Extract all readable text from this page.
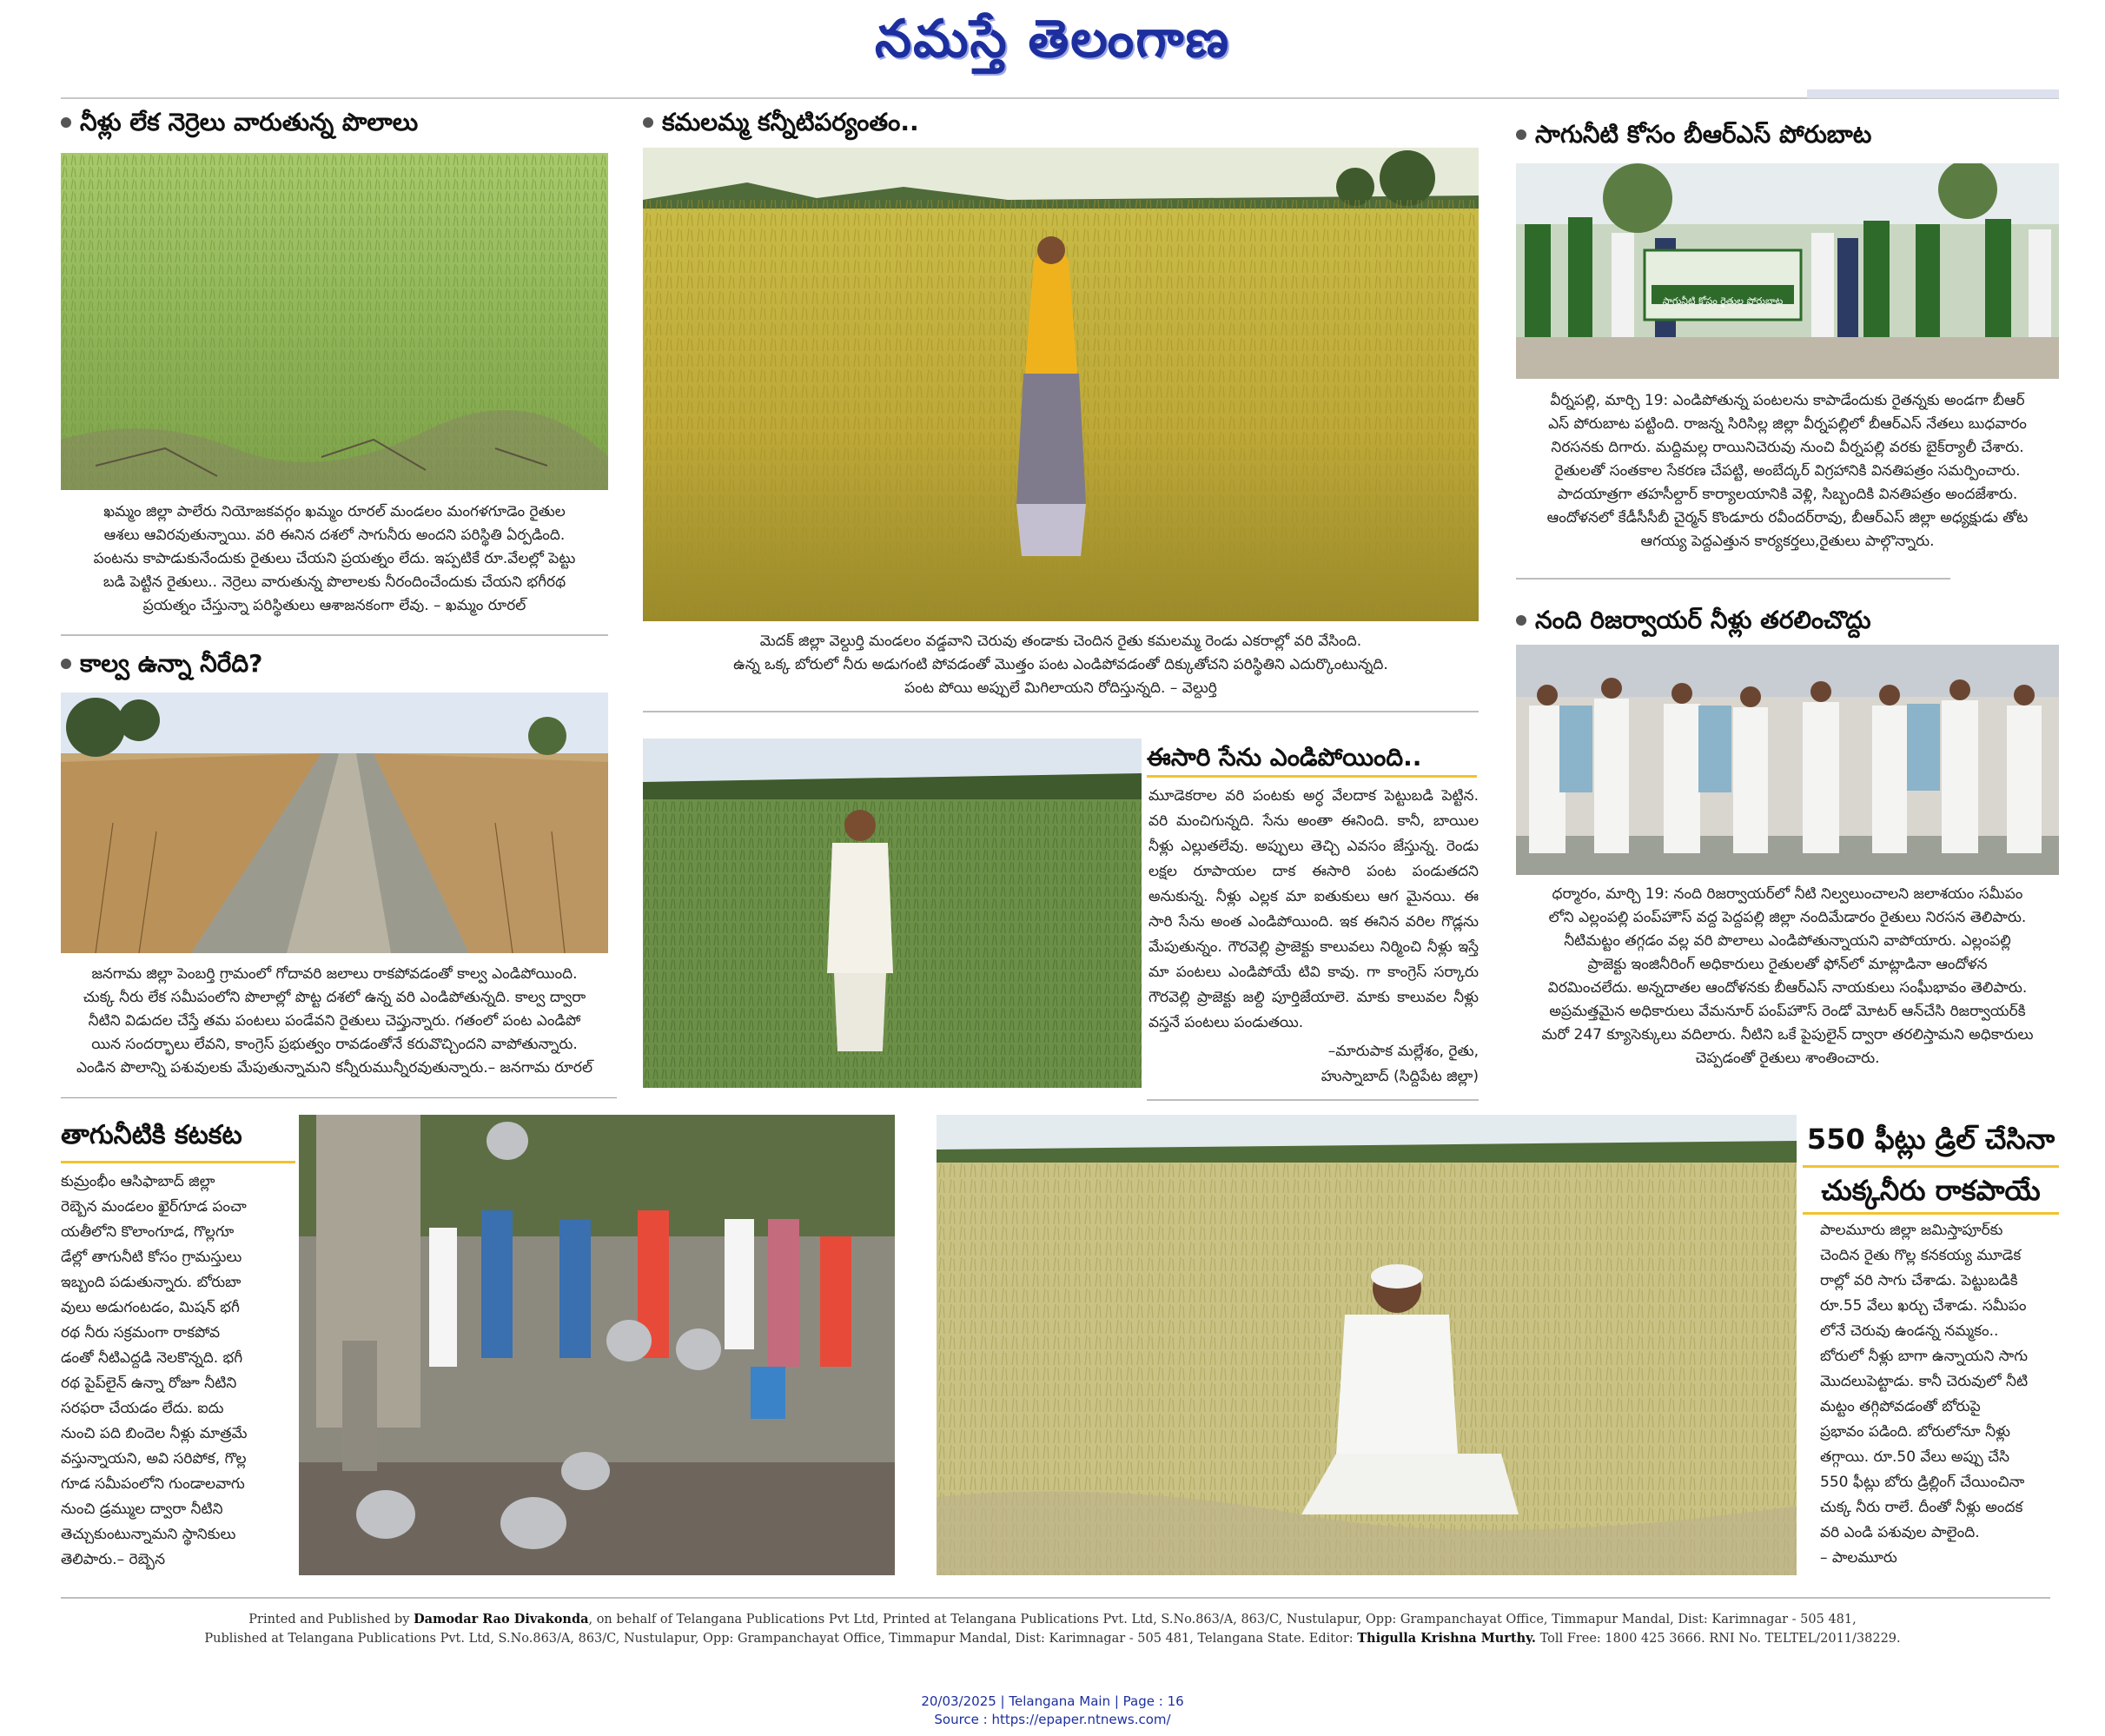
నమస్తే తెలంగాణ
నీళ్లు లేక నెర్రెలు వారుతున్న పొలాలు
ఖమ్మం జిల్లా పాలేరు నియోజకవర్గం ఖమ్మం రూరల్ మండలం మంగళగూడెం రైతుల
ఆశలు ఆవిరవుతున్నాయి. వరి ఈనిన దశలో సాగునీరు అందని పరిస్థితి ఏర్పడింది.
పంటను కాపాడుకునేందుకు రైతులు చేయని ప్రయత్నం లేదు. ఇప్పటికే రూ.వేలల్లో పెట్టు
బడి పెట్టిన రైతులు.. నెర్రెలు వారుతున్న పొలాలకు నీరందించేందుకు చేయని భగీరథ
ప్రయత్నం చేస్తున్నా పరిస్థితులు ఆశాజనకంగా లేవు. – ఖమ్మం రూరల్
కమలమ్మ కన్నీటిపర్యంతం..
మెదక్ జిల్లా వెల్దుర్తి మండలం వడ్డవాని చెరువు తండాకు చెందిన రైతు కమలమ్మ రెండు ఎకరాల్లో వరి వేసింది.
ఉన్న ఒక్క బోరులో నీరు అడుగంటి పోవడంతో మొత్తం పంట ఎండిపోవడంతో దిక్కుతోచని పరిస్థితిని ఎదుర్కొంటున్నది.
పంట పోయి అప్పులే మిగిలాయని రోదిస్తున్నది. – వెల్దుర్తి
సాగునీటి కోసం బీఆర్ఎస్ పోరుబాట
సాగునీటి కోసం రైతుల పోరుబాట
వీర్నపల్లి, మార్చి 19: ఎండిపోతున్న పంటలను కాపాడేందుకు రైతన్నకు అండగా బీఆర్
ఎస్ పోరుబాట పట్టింది. రాజన్న సిరిసిల్ల జిల్లా వీర్నపల్లిలో బీఆర్ఎస్ నేతలు బుధవారం
నిరసనకు దిగారు. మద్దిమల్ల రాయినిచెరువు నుంచి వీర్నపల్లి వరకు బైక్‌ర్యాలీ చేశారు.
రైతులతో సంతకాల సేకరణ చేపట్టి, అంబేద్కర్ విగ్రహానికి వినతిపత్రం సమర్పించారు.
పాదయాత్రగా తహసీల్దార్ కార్యాలయానికి వెళ్లి, సిబ్బందికి వినతిపత్రం అందజేశారు.
ఆందోళనలో కేడీసీసీబీ చైర్మన్ కొండూరు రవీందర్‌రావు, బీఆర్ఎస్ జిల్లా అధ్యక్షుడు తోట
ఆగయ్య పెద్దఎత్తున కార్యకర్తలు,రైతులు పాల్గొన్నారు.
కాల్వ ఉన్నా నీరేది?
జనగామ జిల్లా పెంబర్తి గ్రామంలో గోదావరి జలాలు రాకపోవడంతో కాల్వ ఎండిపోయింది.
చుక్క నీరు లేక సమీపంలోని పొలాల్లో పొట్ట దశలో ఉన్న వరి ఎండిపోతున్నది. కాల్వ ద్వారా
నీటిని విడుదల చేస్తే తమ పంటలు పండేవని రైతులు చెప్తున్నారు. గతంలో పంట ఎండిపో
యిన సందర్భాలు లేవని, కాంగ్రెస్ ప్రభుత్వం రావడంతోనే కరువొచ్చిందని వాపోతున్నారు.
ఎండిన పొలాన్ని పశువులకు మేపుతున్నామని కన్నీరుమున్నీరవుతున్నారు.– జనగామ రూరల్
ఈసారి సేను ఎండిపోయింది..
మూడెకరాల వరి పంటకు అర్ధ వేలదాక పెట్టుబడి పెట్టిన. వరి మంచిగున్నది. సేను అంతా ఈనింది. కానీ, బాయిల నీళ్లు ఎల్లుతలేవు. అప్పులు తెచ్చి ఎవసం జేస్తున్న. రెండు లక్షల రూపాయల దాక ఈసారి పంట పండుతదని అనుకున్న. నీళ్లు ఎల్లక మా ఐతుకులు ఆగ మైనయి. ఈ సారి సేను అంత ఎండిపోయింది. ఇక ఈనిన వరిల గొడ్లను మేపుతున్నం. గౌరవెల్లి ప్రాజెక్టు కాలువలు నిర్మించి నీళ్లు ఇస్తే మా పంటలు ఎండిపోయే టివి కావు. గా కాంగ్రెస్ సర్కారు గౌరవెల్లి ప్రాజెక్టు జల్ది పూర్తిజేయాలె. మాకు కాలువల నీళ్లు వస్తనే పంటలు పండుతయి.
–మారుపాక మల్లేశం, రైతు,
హుస్నాబాద్ (సిద్దిపేట జిల్లా)
నంది రిజర్వాయర్ నీళ్లు తరలించొద్దు
ధర్మారం, మార్చి 19: నంది రిజర్వాయర్‌లో నీటి నిల్వలుంచాలని జలాశయం సమీపం
లోని ఎల్లంపల్లి పంప్‌హౌస్ వద్ద పెద్దపల్లి జిల్లా నందిమేడారం రైతులు నిరసన తెలిపారు.
నీటిమట్టం తగ్గడం వల్ల వరి పొలాలు ఎండిపోతున్నాయని వాపోయారు. ఎల్లంపల్లి
ప్రాజెక్టు ఇంజినీరింగ్ అధికారులు రైతులతో ఫోన్‌లో మాట్లాడినా ఆందోళన
విరమించలేదు. అన్నదాతల ఆందోళనకు బీఆర్ఎస్ నాయకులు సంఘీభావం తెలిపారు.
అప్రమత్తమైన అధికారులు వేమనూర్ పంప్‌హౌస్ రెండో మోటర్ ఆన్‌చేసి రిజర్వాయర్‌కి
మరో 247 క్యూసెక్కులు వదిలారు. నీటిని ఒకే పైపులైన్ ద్వారా తరలిస్తామని అధికారులు
చెప్పడంతో రైతులు శాంతించారు.
తాగునీటికి కటకట
కుమ్రంభీం ఆసిఫాబాద్ జిల్లా
రెబ్బెన మండలం ఖైర్‌గూడ పంచా
యతీలోని కొలాంగూడ, గొల్లగూ
డేల్లో తాగునీటి కోసం గ్రామస్తులు
ఇబ్బంది పడుతున్నారు. బోరుబా
వులు అడుగంటడం, మిషన్ భగీ
రథ నీరు సక్రమంగా రాకపోవ
డంతో నీటిఎద్దడి నెలకొన్నది. భగీ
రథ పైప్‌లైన్ ఉన్నా రోజూ నీటిని
సరఫరా చేయడం లేదు. ఐదు
నుంచి పది బిందెల నీళ్లు మాత్రమే
వస్తున్నాయని, అవి సరిపోక, గొల్ల
గూడ సమీపంలోని గుండాలవాగు
నుంచి డ్రమ్ముల ద్వారా నీటిని
తెచ్చుకుంటున్నామని స్థానికులు
తెలిపారు.– రెబ్బెన
550 ఫీట్లు డ్రిల్ చేసినా
చుక్కనీరు రాకపాయే
పాలమూరు జిల్లా జమిస్తాపూర్‌కు
చెందిన రైతు గొల్ల కనకయ్య మూడెక
రాల్లో వరి సాగు చేశాడు. పెట్టుబడికి
రూ.55 వేలు ఖర్చు చేశాడు. సమీపం
లోనే చెరువు ఉండన్న నమ్మకం..
బోరులో నీళ్లు బాగా ఉన్నాయని సాగు
మొదలుపెట్టాడు. కానీ చెరువులో నీటి
మట్టం తగ్గిపోవడంతో బోరుపై
ప్రభావం పడింది. బోరులోనూ నీళ్లు
తగ్గాయి. రూ.50 వేలు అప్పు చేసి
550 ఫీట్లు బోరు డ్రిల్లింగ్ చేయించినా
చుక్క నీరు రాలే. దీంతో నీళ్లు అందక
వరి ఎండి పశువుల పాలైంది.
– పాలమూరు
Printed and Published by Damodar Rao Divakonda, on behalf of Telangana Publications Pvt Ltd, Printed at Telangana Publications Pvt. Ltd, S.No.863/A, 863/C, Nustulapur, Opp: Grampanchayat Office, Timmapur Mandal, Dist: Karimnagar - 505 481,
Published at Telangana Publications Pvt. Ltd, S.No.863/A, 863/C, Nustulapur, Opp: Grampanchayat Office, Timmapur Mandal, Dist: Karimnagar - 505 481, Telangana State. Editor: Thigulla Krishna Murthy. Toll Free: 1800 425 3666. RNI No. TELTEL/2011/38229.
20/03/2025 | Telangana Main | Page : 16
Source : https://epaper.ntnews.com/
